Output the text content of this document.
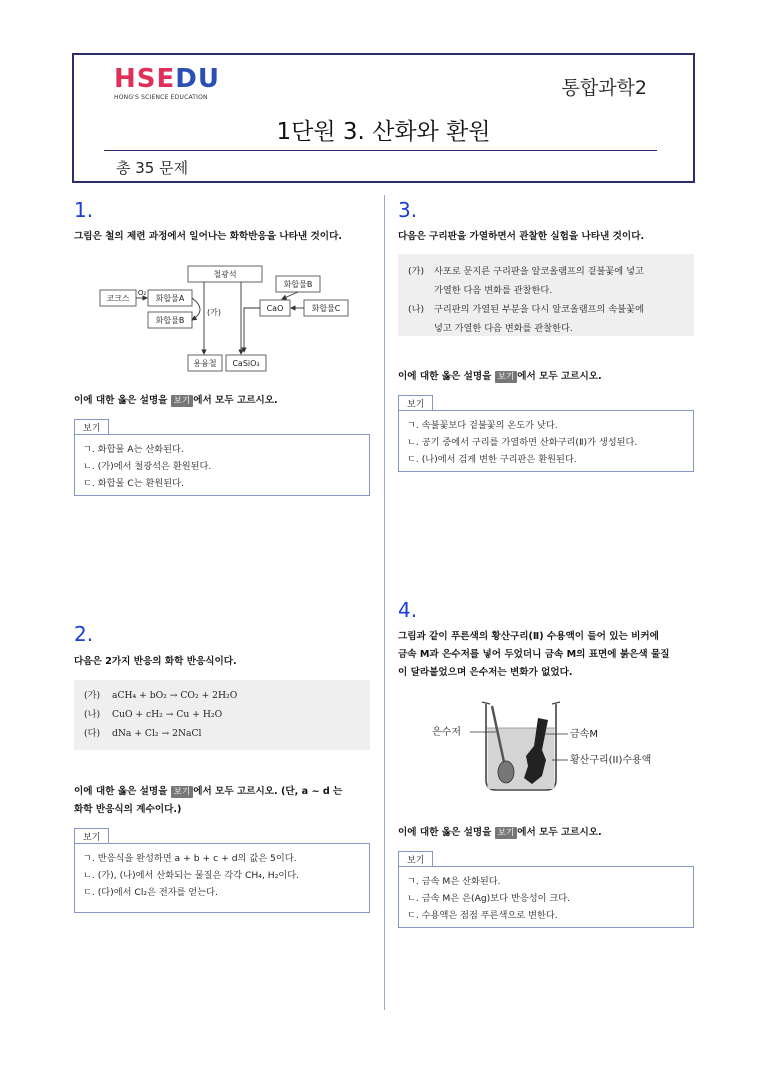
HSEDU
HONG'S SCIENCE EDUCATION	통합과학2
1단원 3. 산화와 환원
총 35 문제
1.
그림은 철의 제련 과정에서 일어나는 화학반응을 나타낸 것이다.
철광석
코크스
O₂
화합물A
화합물B
(가)
화합물B
CaO	화합물C
용융철 CaSiO₃
이에 대한 옳은 설명을 보기 에서 모두 고르시오.
보기
ㄱ. 화합물 A는 산화된다.
ㄴ. (가)에서 철광석은 환원된다.
ㄷ. 화합물 C는 환원된다.
2.
다음은 2가지 반응의 화학 반응식이다.
(가)	aCH₄ + bO₂ → CO₂ + 2H₂O
(나)	CuO + cH₂ → Cu + H₂O
(다)	dNa + Cl₂ → 2NaCl
이에 대한 옳은 설명을 보기 에서 모두 고르시오. (단, a ~ d 는
화학 반응식의 계수이다.)
보기
ㄱ. 반응식을 완성하면 a + b + c + d의 값은 5이다.
ㄴ. (가), (나)에서 산화되는 물질은 각각 CH₄, H₂이다.
ㄷ. (다)에서 Cl₂은 전자를 얻는다.
3.
다음은 구리판을 가열하면서 관찰한 실험을 나타낸 것이다.
(가)	사포로 문지른 구리판을 알코올램프의 겉불꽃에 넣고
가열한 다음 변화를 관찰한다.
(나)	구리판의 가열된 부분을 다시 알코올램프의 속불꽃에
넣고 가열한 다음 변화를 관찰한다.
이에 대한 옳은 설명을 보기 에서 모두 고르시오.
보기
ㄱ. 속불꽃보다 겉불꽃의 온도가 낮다.
ㄴ. 공기 중에서 구리를 가열하면 산화구리(Ⅱ)가 생성된다.
ㄷ. (나)에서 검게 변한 구리판은 환원된다.
4.
그림과 같이 푸른색의 황산구리(Ⅱ) 수용액이 들어 있는 비커에
금속 M과 은수저를 넣어 두었더니 금속 M의 표면에 붉은색 물질
이 달라붙었으며 은수저는 변화가 없었다.
은수저	금속M
황산구리(II)수용액
이에 대한 옳은 설명을 보기 에서 모두 고르시오.
보기
ㄱ. 금속 M은 산화된다.
ㄴ. 금속 M은 은(Ag)보다 반응성이 크다.
ㄷ. 수용액은 점점 푸른색으로 변한다.
